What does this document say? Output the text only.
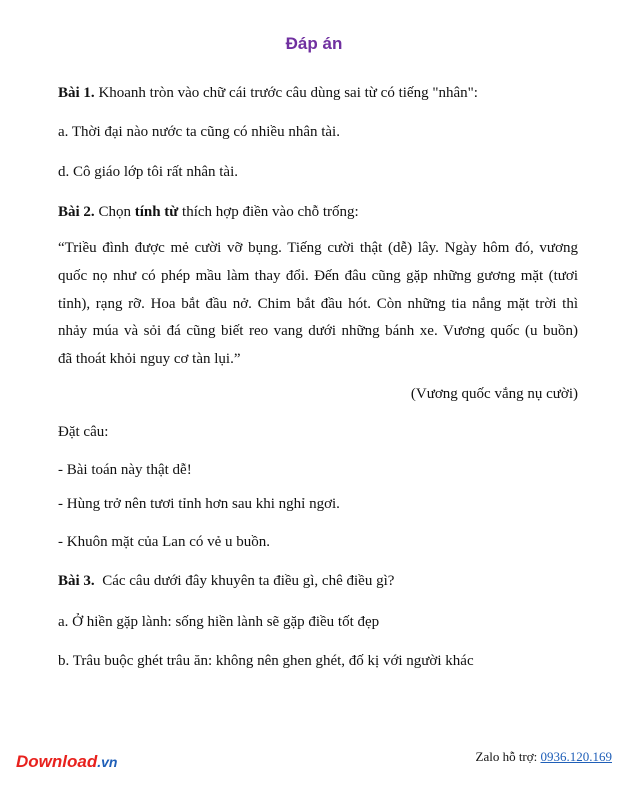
Đáp án
Bài 1. Khoanh tròn vào chữ cái trước câu dùng sai từ có tiếng "nhân":
a. Thời đại nào nước ta cũng có nhiều nhân tài.
d. Cô giáo lớp tôi rất nhân tài.
Bài 2. Chọn tính từ thích hợp điền vào chỗ trống:
“Triều đình được mẻ cười vỡ bụng. Tiếng cười thật (dễ) lây. Ngày hôm đó, vương
quốc nọ như có phép mầu làm thay đổi. Đến đâu cũng gặp những gương mặt (tươi
tỉnh), rạng rỡ. Hoa bắt đầu nở. Chim bắt đầu hót. Còn những tia nắng mặt trời thì
nhảy múa và sỏi đá cũng biết reo vang dưới những bánh xe. Vương quốc (u buồn)
đã thoát khỏi nguy cơ tàn lụi.”
(Vương quốc vắng nụ cười)
Đặt câu:
- Bài toán này thật dễ!
- Hùng trở nên tươi tỉnh hơn sau khi nghỉ ngơi.
- Khuôn mặt của Lan có vẻ u buồn.
Bài 3.  Các câu dưới đây khuyên ta điều gì, chê điều gì?
a. Ở hiền gặp lành: sống hiền lành sẽ gặp điều tốt đẹp
b. Trâu buộc ghét trâu ăn: không nên ghen ghét, đố kị với người khác
Download.vn	Zalo hỗ trợ: 0936.120.169
